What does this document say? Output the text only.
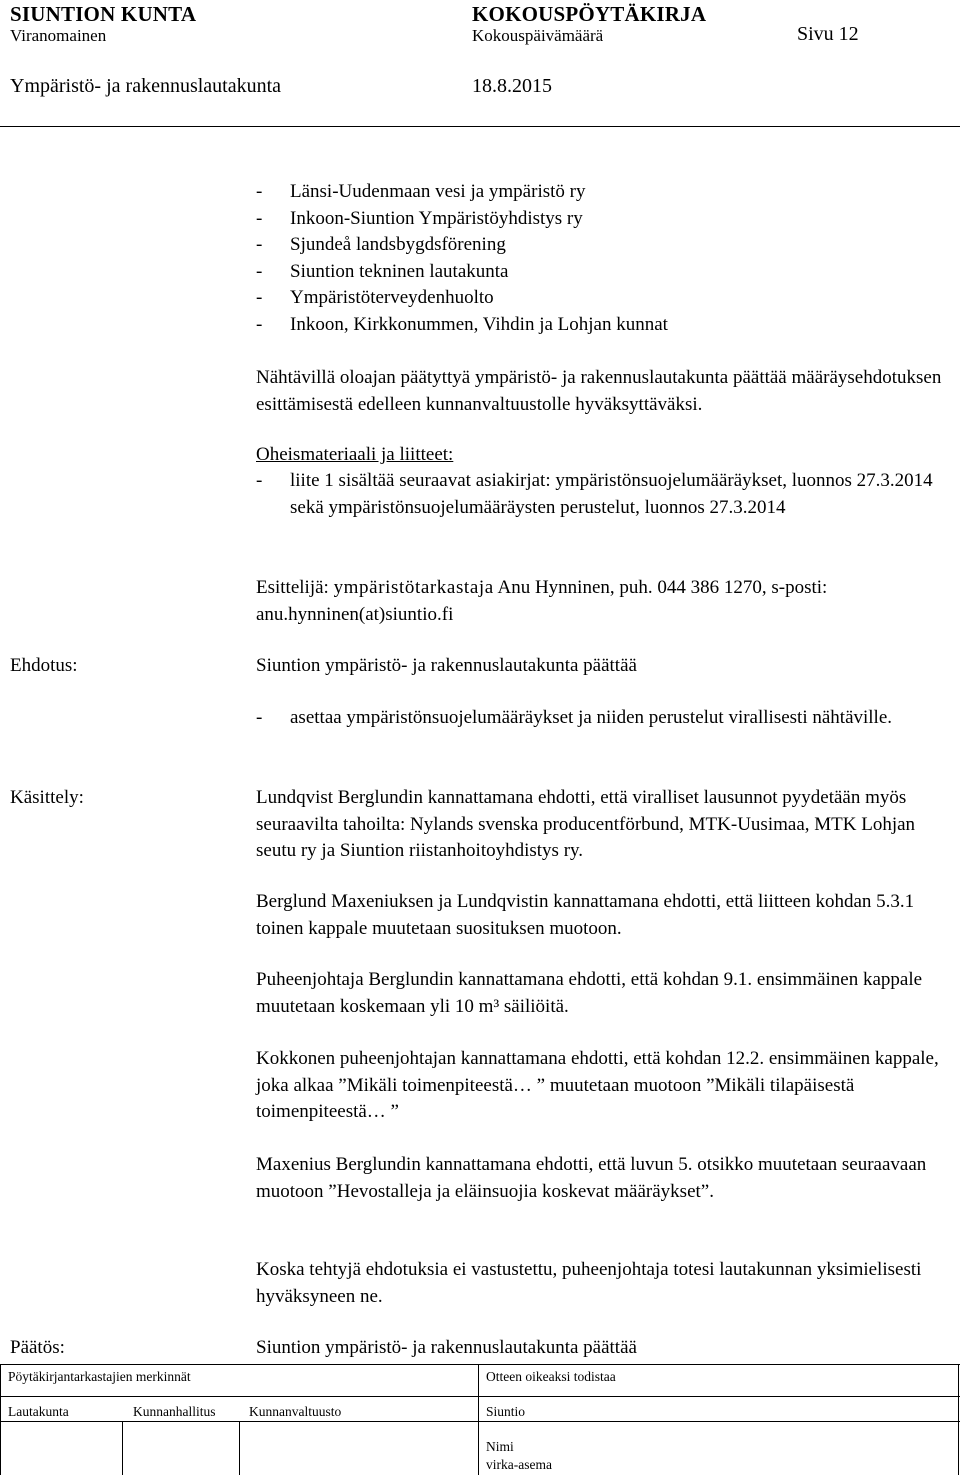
SIUNTION KUNTA	KOKOUSPÖYTÄKIRJA
Viranomainen	Kokouspäivämäärä	Sivu 12
Ympäristö- ja rakennuslautakunta	18.8.2015
- Länsi-Uudenmaan vesi ja ympäristö ry
- Inkoon-Siuntion Ympäristöyhdistys ry
- Sjundeå landsbygdsförening
- Siuntion tekninen lautakunta
- Ympäristöterveydenhuolto
- Inkoon, Kirkkonummen, Vihdin ja Lohjan kunnat

Nähtävillä oloajan päätyttyä ympäristö- ja rakennuslautakunta päättää määräysehdotuksen esittämisestä edelleen kunnanvaltuustolle hyväksyttäväksi.

Oheismateriaali ja liitteet:

- liite 1 sisältää seuraavat asiakirjat: ympäristönsuojelumääräykset, luonnos 27.3.2014 sekä ympäristönsuojelumääräysten perustelut, luonnos 27.3.2014

Esittelijä: ympäristötarkastaja Anu Hynninen, puh. 044 386 1270, s-posti: anu.hynninen(at)siuntio.fi

Ehdotus:	Siuntion ympäristö- ja rakennuslautakunta päättää

- asettaa ympäristönsuojelumääräykset ja niiden perustelut virallisesti nähtäville.
Käsittely:	Lundqvist Berglundin kannattamana ehdotti, että viralliset lausunnot pyydetään myös seuraavilta tahoilta: Nylands svenska producentförbund, MTK-Uusimaa, MTK Lohjan seutu ry ja Siuntion riistanhoitoyhdistys ry.

Berglund Maxeniuksen ja Lundqvistin kannattamana ehdotti, että liitteen kohdan 5.3.1 toinen kappale muutetaan suosituksen muotoon.

Puheenjohtaja Berglundin kannattamana ehdotti, että kohdan 9.1. ensimmäinen kappale muutetaan koskemaan yli 10 m³ säiliöitä.

Kokkonen puheenjohtajan kannattamana ehdotti, että kohdan 12.2. ensimmäinen kappale, joka alkaa ”Mikäli toimenpiteestä… ” muutetaan muotoon ”Mikäli tilapäisestä toimenpiteestä… ”

Maxenius Berglundin kannattamana ehdotti, että luvun 5. otsikko muutetaan seuraavaan muotoon ”Hevostalleja ja eläinsuojia koskevat määräykset”.

Koska tehtyjä ehdotuksia ei vastustettu, puheenjohtaja totesi lautakunnan yksimielisesti hyväksyneen ne.

Päätös:	Siuntion ympäristö- ja rakennuslautakunta päättää

Pöytäkirjantarkastajien merkinnät	Otteen oikeaksi todistaa
Lautakunta	Kunnanhallitus Kunnanvaltuusto	Siuntio
Nimi
virka-asema
